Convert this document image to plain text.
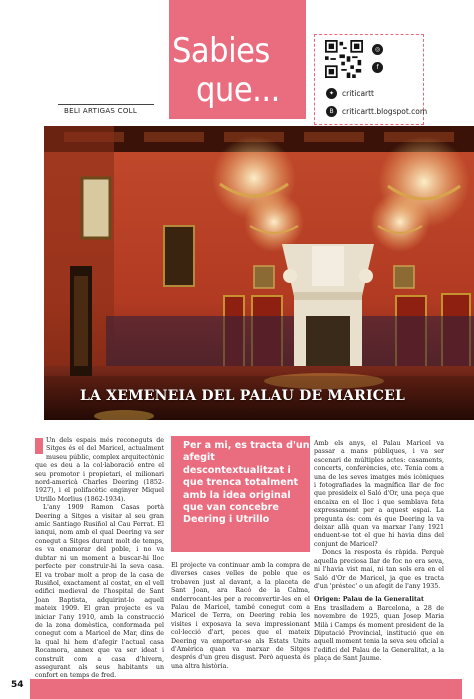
Sabies
que...
BELI ARTIGAS COLL
◎
f
✦	criticartt
B	criticartt.blogspot.com
LA XEMENEIA DEL PALAU DE MARICEL

Un dels espais més reconeguts de Sitges és el del Maricel, actualment museu públic, complex arquitectònic que es deu a la col·laboració entre el seu promotor i propietari, el milionari nord-americà Charles Deering (1852-1927), i el polifacètic enginyer Miquel Utrillo Morlius (1862-1934).

L'any 1909 Ramon Casas portà Deering a Sitges a visitar al seu gran amic Santiago Rusiñol al Cau Ferrat. El ianqui, nom amb el qual Deering va ser conegut a Sitges durant molt de temps, es va enamorar del poble, i no va dubtar ni un moment a buscar-hi lloc perfecte per construir-hi la seva casa. El va trobar molt a prop de la casa de Rusiñol, exactament al costat, en el vell edifici medieval de l'hospital de Sant Joan Baptista, adquirint-lo aquell mateix 1909. El gran projecte es va iniciar l'any 1910, amb la construcció de la zona domèstica, conformada pel conegut com a Maricel de Mar, dins de la qual hi hem d'afegir l'actual casa Rocamora, annex que va ser ideat i construït com a casa d'hivern, assegurant als seus habitants un confort en temps de fred.

Per a mi, es tracta d'un afegit descontextualitzat i que trenca totalment amb la idea original que van concebre Deering i Utrillo

El projecte va continuar amb la compra de diverses cases velles de poble que es trobaven just al davant, a la placeta de Sant Joan, ara Racó de la Calma, enderrocant-les per a reconvertir-les en el Palau de Maricel, també conegut com a Maricel de Terra, on Deering rebia les visites i exposava la seva impressionant col·lecció d'art, peces que el mateix Deering va emportar-se als Estats Units d'Amèrica quan va marxar de Sitges després d'un greu disgust. Però aquesta és una altra història.

Amb els anys, el Palau Maricel va passar a mans públiques, i va ser escenari de múltiples actes: casaments, concerts, conferències, etc. Tenia com a una de les seves imatges més icòniques i fotografiades la magnífica llar de foc que presideix el Saló d'Or, una peça que encaixa en el lloc i que semblava feta expressament per a aquest espai. La pregunta és: com és que Deering la va deixar allà quan va marxar l'any 1921 enduent-se tot el que hi havia dins del conjunt de Maricel?

Doncs la resposta és ràpida. Perquè aquella preciosa llar de foc no era seva, ni l'havia vist mai, ni tan sols era en el Saló d'Or de Maricel, ja que es tracta d'un 'préstec' o un afegit de l'any 1935.

Origen: Palau de la Generalitat

Ens traslladem a Barcelona, a 28 de novembre de 1925, quan Josep Maria Milà i Camps és moment president de la Diputació Provincial, institució que en aquell moment tenia la seva seu oficial a l'edifici del Palau de la Generalitat, a la plaça de Sant Jaume.

54
